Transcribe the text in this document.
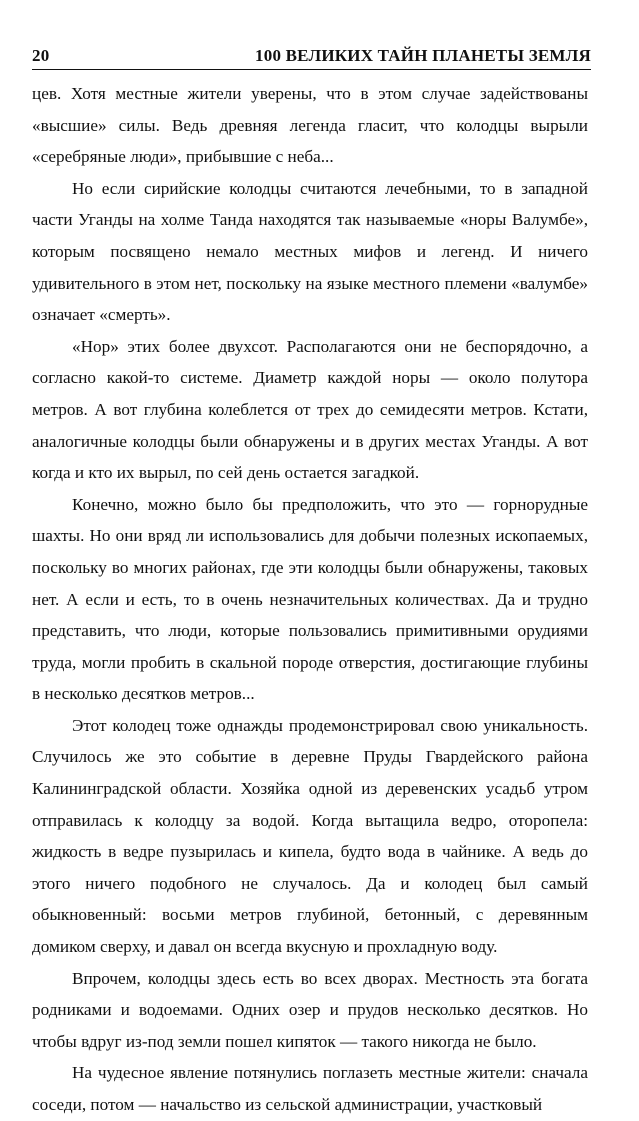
20	100 ВЕЛИКИХ ТАЙН ПЛАНЕТЫ ЗЕМЛЯ

цев. Хотя местные жители уверены, что в этом случае задействованы «высшие» силы. Ведь древняя легенда гласит, что колодцы вырыли «серебряные люди», прибывшие с неба...

Но если сирийские колодцы считаются лечебными, то в западной части Уганды на холме Танда находятся так называемые «норы Валумбе», которым посвящено немало местных мифов и легенд. И ничего удивительного в этом нет, поскольку на языке местного племени «валумбе» означает «смерть».

«Нор» этих более двухсот. Располагаются они не беспорядочно, а согласно какой-то системе. Диаметр каждой норы — около полутора метров. А вот глубина колеблется от трех до семидесяти метров. Кстати, аналогичные колодцы были обнаружены и в других местах Уганды. А вот когда и кто их вырыл, по сей день остается загадкой.

Конечно, можно было бы предположить, что это — горнорудные шахты. Но они вряд ли использовались для добычи полезных ископаемых, поскольку во многих районах, где эти колодцы были обнаружены, таковых нет. А если и есть, то в очень незначительных количествах. Да и трудно представить, что люди, которые пользовались примитивными орудиями труда, могли пробить в скальной породе отверстия, достигающие глубины в несколько десятков метров...

Этот колодец тоже однажды продемонстрировал свою уникальность. Случилось же это событие в деревне Пруды Гвардейского района Калининградской области. Хозяйка одной из деревенских усадьб утром отправилась к колодцу за водой. Когда вытащила ведро, оторопела: жидкость в ведре пузырилась и кипела, будто вода в чайнике. А ведь до этого ничего подобного не случалось. Да и колодец был самый обыкновенный: восьми метров глубиной, бетонный, с деревянным домиком сверху, и давал он всегда вкусную и прохладную воду.

Впрочем, колодцы здесь есть во всех дворах. Местность эта богата родниками и водоемами. Одних озер и прудов несколько десятков. Но чтобы вдруг из-под земли пошел кипяток — такого никогда не было.

На чудесное явление потянулись поглазеть местные жители: сначала соседи, потом — начальство из сельской администрации, участковый
